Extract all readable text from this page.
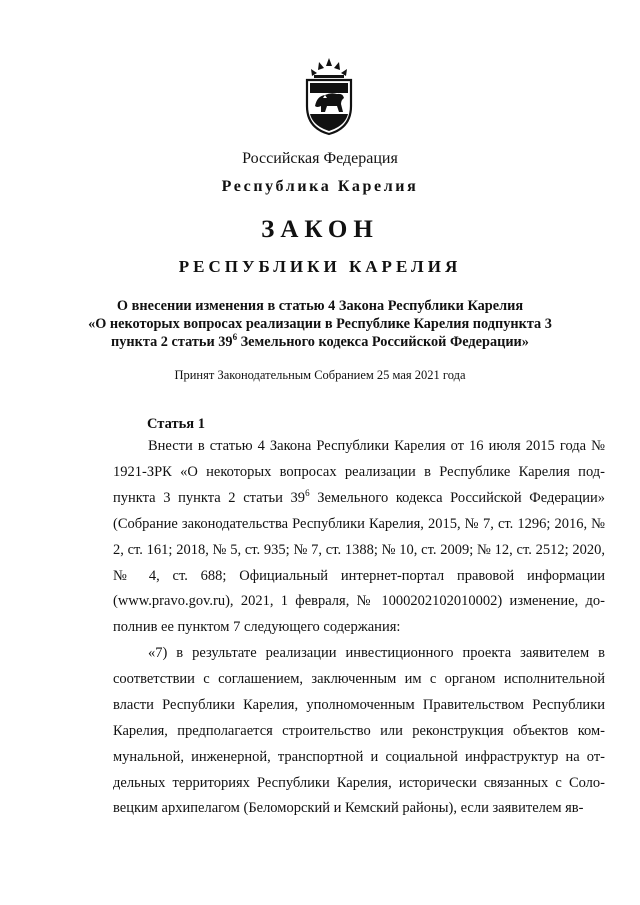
Российская Федерация
Республика Карелия
ЗАКОН
РЕСПУБЛИКИ КАРЕЛИЯ
О внесении изменения в статью 4 Закона Республики Карелия
«О некоторых вопросах реализации в Республике Карелия подпункта 3
пункта 2 статьи $39^6$ Земельного кодекса Российской Федерации»
Принят Законодательным Собранием 25 мая 2021 года
Статья 1

Внести в статью 4 Закона Республики Карелия от 16 июля 2015 года № 1921-ЗРК «О некоторых вопросах реализации в Республике Карелия подпункта 3 пункта 2 статьи $39^6$ Земельного кодекса Российской Федерации» (Собрание законодательства Республики Карелия, 2015, № 7, ст. 1296; 2016, № 2, ст. 161; 2018, № 5, ст. 935; № 7, ст. 1388; № 10, ст. 2009; № 12, ст. 2512; 2020, № 4, ст. 688; Официальный интернет-портал правовой информации (www.pravo.gov.ru), 2021, 1 февраля, № 1000202102010002) изменение, дополнив ее пунктом 7 следующего содержания:

«7) в результате реализации инвестиционного проекта заявителем в соответствии с соглашением, заключенным им с органом исполнительной власти Республики Карелия, уполномоченным Правительством Республики Карелия, предполагается строительство или реконструкция объектов коммунальной, инженерной, транспортной и социальной инфраструктур на отдельных территориях Республики Карелия, исторически связанных с Соловецким архипелагом (Беломорский и Кемский районы), если заявителем яв-
